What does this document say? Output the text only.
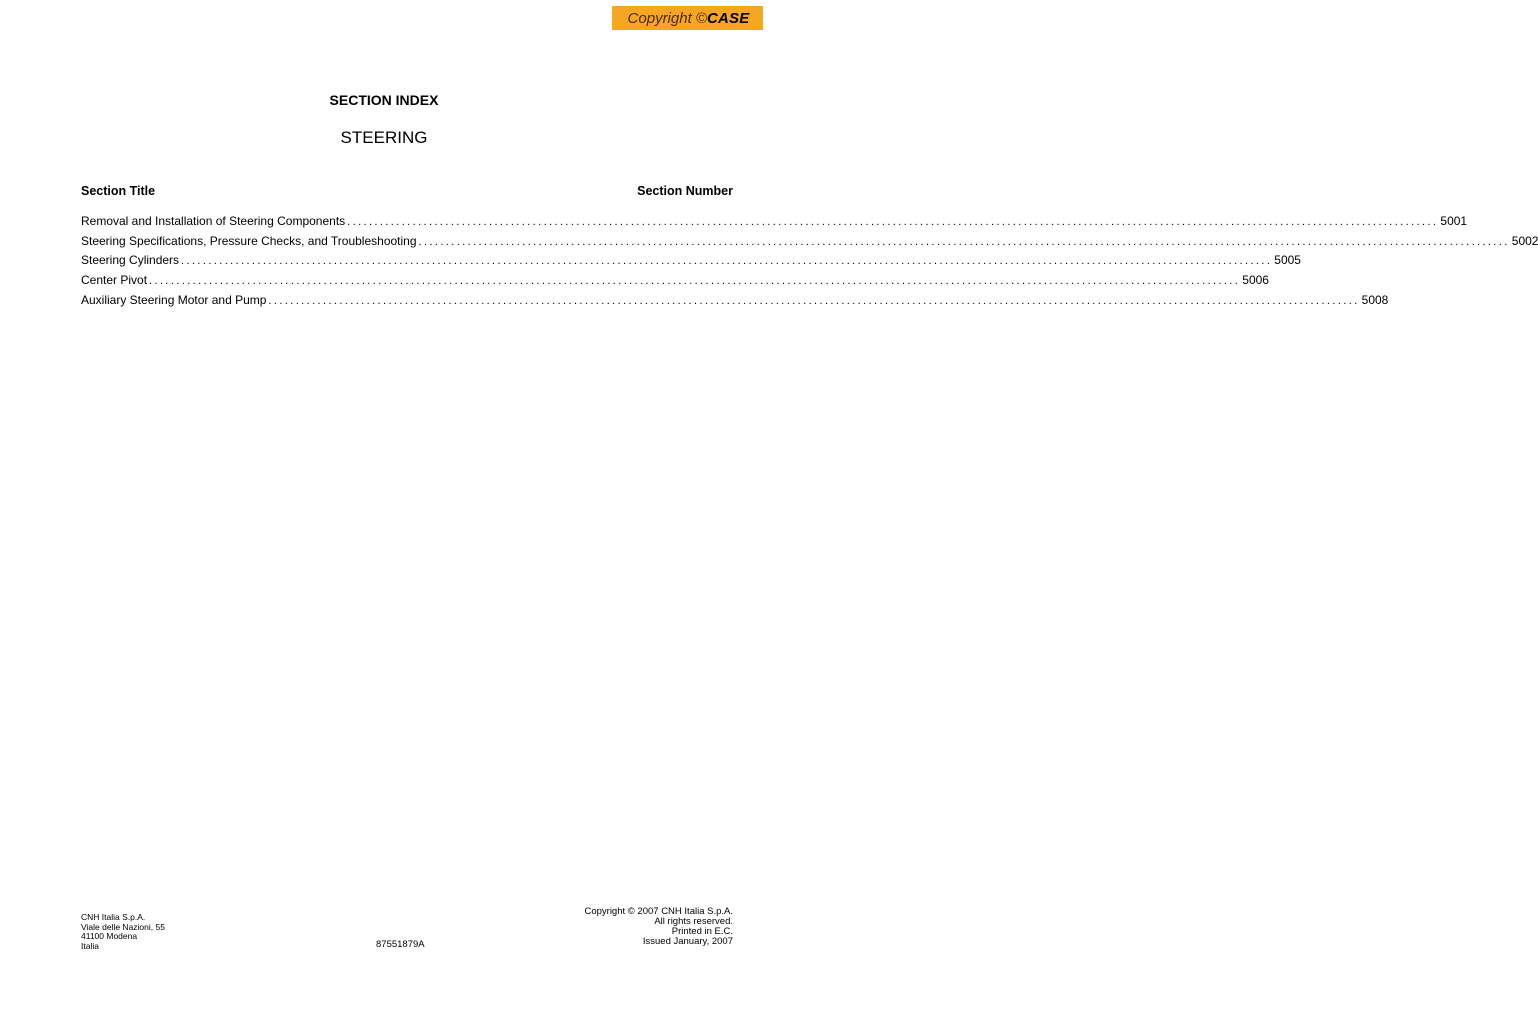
Copyright © CASE
SECTION INDEX
STEERING
Section Title	Section Number
Removal and Installation of Steering Components ........................................................................................................................................................................................................ 5001
Steering Specifications, Pressure Checks, and Troubleshooting ........................................................................................................................................................................................................ 5002
Steering Cylinders ........................................................................................................................................................................................................ 5005
Center Pivot ........................................................................................................................................................................................................ 5006
Auxiliary Steering Motor and Pump ........................................................................................................................................................................................................ 5008
CNH Italia S.p.A.
Viale delle Nazioni, 55
41100 Modena
Italia	87551879A
Copyright © 2007 CNH Italia S.p.A.
All rights reserved.
Printed in E.C.
Issued January, 2007
